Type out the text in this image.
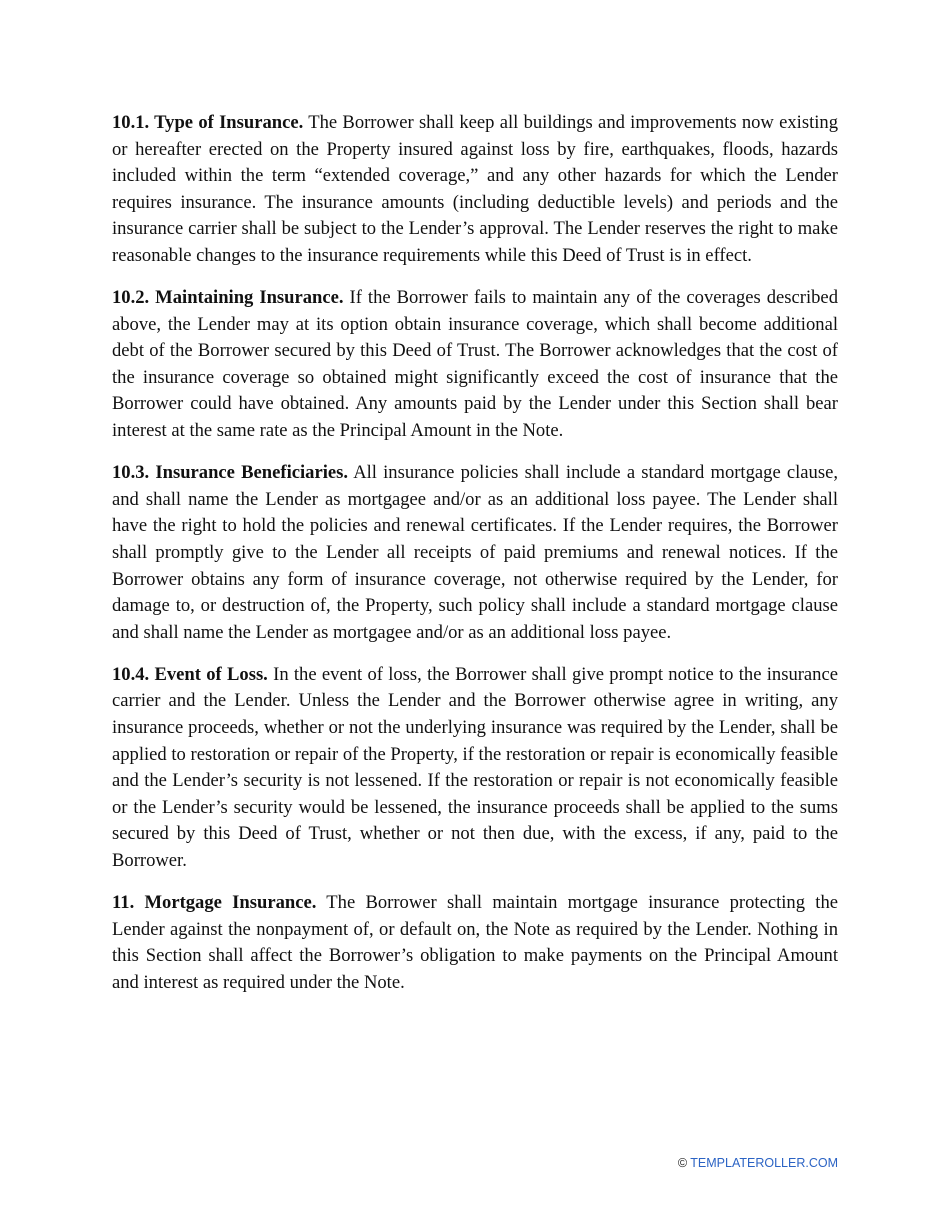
10.1. Type of Insurance. The Borrower shall keep all buildings and improvements now existing or hereafter erected on the Property insured against loss by fire, earthquakes, floods, hazards included within the term “extended coverage,” and any other hazards for which the Lender requires insurance. The insurance amounts (including deductible levels) and periods and the insurance carrier shall be subject to the Lender’s approval. The Lender reserves the right to make reasonable changes to the insurance requirements while this Deed of Trust is in effect.

10.2. Maintaining Insurance. If the Borrower fails to maintain any of the coverages described above, the Lender may at its option obtain insurance coverage, which shall become additional debt of the Borrower secured by this Deed of Trust. The Borrower acknowledges that the cost of the insurance coverage so obtained might significantly exceed the cost of insurance that the Borrower could have obtained. Any amounts paid by the Lender under this Section shall bear interest at the same rate as the Principal Amount in the Note.

10.3. Insurance Beneficiaries. All insurance policies shall include a standard mortgage clause, and shall name the Lender as mortgagee and/or as an additional loss payee. The Lender shall have the right to hold the policies and renewal certificates. If the Lender requires, the Borrower shall promptly give to the Lender all receipts of paid premiums and renewal notices. If the Borrower obtains any form of insurance coverage, not otherwise required by the Lender, for damage to, or destruction of, the Property, such policy shall include a standard mortgage clause and shall name the Lender as mortgagee and/or as an additional loss payee.

10.4. Event of Loss. In the event of loss, the Borrower shall give prompt notice to the insurance carrier and the Lender. Unless the Lender and the Borrower otherwise agree in writing, any insurance proceeds, whether or not the underlying insurance was required by the Lender, shall be applied to restoration or repair of the Property, if the restoration or repair is economically feasible and the Lender’s security is not lessened. If the restoration or repair is not economically feasible or the Lender’s security would be lessened, the insurance proceeds shall be applied to the sums secured by this Deed of Trust, whether or not then due, with the excess, if any, paid to the Borrower.

11. Mortgage Insurance. The Borrower shall maintain mortgage insurance protecting the Lender against the nonpayment of, or default on, the Note as required by the Lender. Nothing in this Section shall affect the Borrower’s obligation to make payments on the Principal Amount and interest as required under the Note.

© TEMPLATEROLLER.COM
